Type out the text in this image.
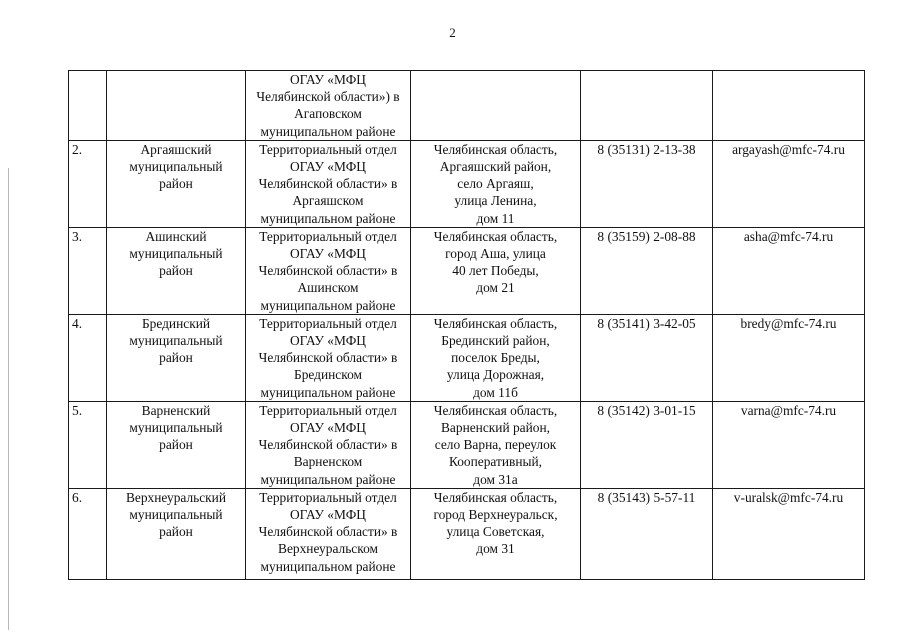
2

		ОГАУ «МФЦ
Челябинской области») в
Агаповском
муниципальном районе			

2.	Аргаяшский
муниципальный
район	Территориальный отдел
ОГАУ «МФЦ
Челябинской области» в
Аргаяшском
муниципальном районе	Челябинская область,
Аргаяшский район,
село Аргаяш,
улица Ленина,
дом 11	8 (35131) 2-13-38	argayash@mfc-74.ru

3.	Ашинский
муниципальный
район	Территориальный отдел
ОГАУ «МФЦ
Челябинской области» в
Ашинском
муниципальном районе	Челябинская область,
город Аша, улица
40 лет Победы,
дом 21	8 (35159) 2-08-88	asha@mfc-74.ru

4.	Брединский
муниципальный
район	Территориальный отдел
ОГАУ «МФЦ
Челябинской области» в
Брединском
муниципальном районе	Челябинская область,
Брединский район,
поселок Бреды,
улица Дорожная,
дом 11б	8 (35141) 3-42-05	bredy@mfc-74.ru

5.	Варненский
муниципальный
район	Территориальный отдел
ОГАУ «МФЦ
Челябинской области» в
Варненском
муниципальном районе	Челябинская область,
Варненский район,
село Варна, переулок
Кооперативный,
дом 31а	8 (35142) 3-01-15	varna@mfc-74.ru

6.	Верхнеуральский
муниципальный
район	Территориальный отдел
ОГАУ «МФЦ
Челябинской области» в
Верхнеуральском
муниципальном районе	Челябинская область,
город Верхнеуральск,
улица Советская,
дом 31	8 (35143) 5-57-11	v-uralsk@mfc-74.ru
